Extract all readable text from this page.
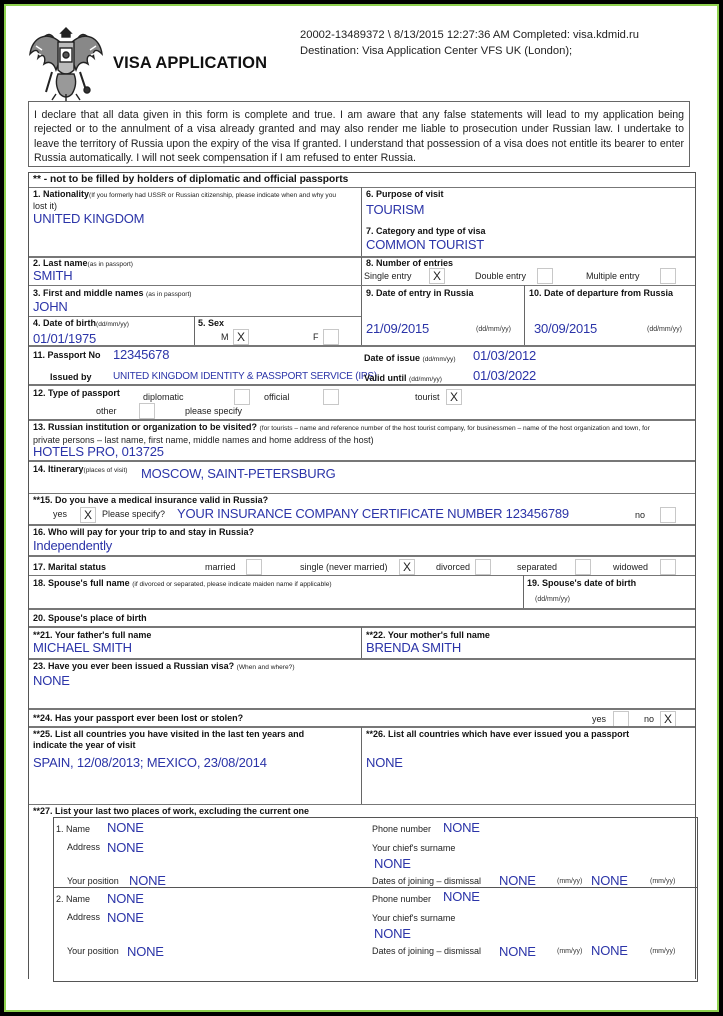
VISA APPLICATION
20002-13489372 \ 8/13/2015 12:27:36 AM Completed: visa.kdmid.ru
Destination: Visa Application Center VFS UK (London);
I declare that all data given in this form is complete and true. I am aware that any false statements will lead to my application being rejected or to the annulment of a visa already granted and may also render me liable to prosecution under Russian law. I undertake to leave the territory of Russia upon the expiry of the visa If granted. I understand that possession of a visa does not entitle its bearer to enter Russia automatically. I will not seek compensation if I am refused to enter Russia.
** - not to be filled by holders of diplomatic and official passports
1. Nationality(If you formerly had USSR or Russian citizenship, please indicate when and why you
lost it)
UNITED KINGDOM
6. Purpose of visit
TOURISM
7. Category and type of visa
COMMON TOURIST
2. Last name(as in passport)
SMITH
8. Number of entries
Single entry	X	Double entry	Multiple entry
3. First and middle names (as in passport)
JOHN
9. Date of entry in Russia
21/09/2015	(dd/mm/yy)
10. Date of departure from Russia
30/09/2015	(dd/mm/yy)
4. Date of birth(dd/mm/yy)
01/01/1975
5. Sex
M X	F
11. Passport No 12345678	Date of issue (dd/mm/yy) 01/03/2012
Issued by UNITED KINGDOM IDENTITY & PASSPORT SERVICE (IPS)
Valid until (dd/mm/yy) 01/03/2022
12. Type of passport	diplomatic	official	tourist X
other	please specify
13. Russian institution or organization to be visited? (for tourists – name and reference number of the host tourist company, for businessmen – name of the host organization and town, for
private persons – last name, first name, middle names and home address of the host)
HOTELS PRO, 013725
14. Itinerary(places of visit) MOSCOW, SAINT-PETERSBURG
**15. Do you have a medical insurance valid in Russia?
yes	X	Please specify? YOUR INSURANCE COMPANY CERTIFICATE NUMBER 123456789	no
16. Who will pay for your trip to and stay in Russia?
Independently
17. Marital status	married	single (never married)	X	divorced	separated	widowed
18. Spouse's full name (if divorced or separated, please indicate maiden name if applicable)	19. Spouse's date of birth
(dd/mm/yy)
20. Spouse's place of birth
**21. Your father's full name
MICHAEL SMITH
**22. Your mother's full name
BRENDA SMITH
23. Have you ever been issued a Russian visa? (When and where?)
NONE
**24. Has your passport ever been lost or stolen?	yes	no X
**25. List all countries you have visited in the last ten years and
indicate the year of visit
SPAIN, 12/08/2013; MEXICO, 23/08/2014
**26. List all countries which have ever issued you a passport
NONE
**27. List your last two places of work, excluding the current one
1. Name NONE
Address NONE
Your position NONE
Phone number NONE
Your chief's surname
NONE
Dates of joining – dismissal NONE	(mm/yy) NONE	(mm/yy)
2. Name NONE
Address NONE
Your position NONE
Phone number NONE
Your chief's surname
NONE
Dates of joining – dismissal NONE	(mm/yy) NONE	(mm/yy)
